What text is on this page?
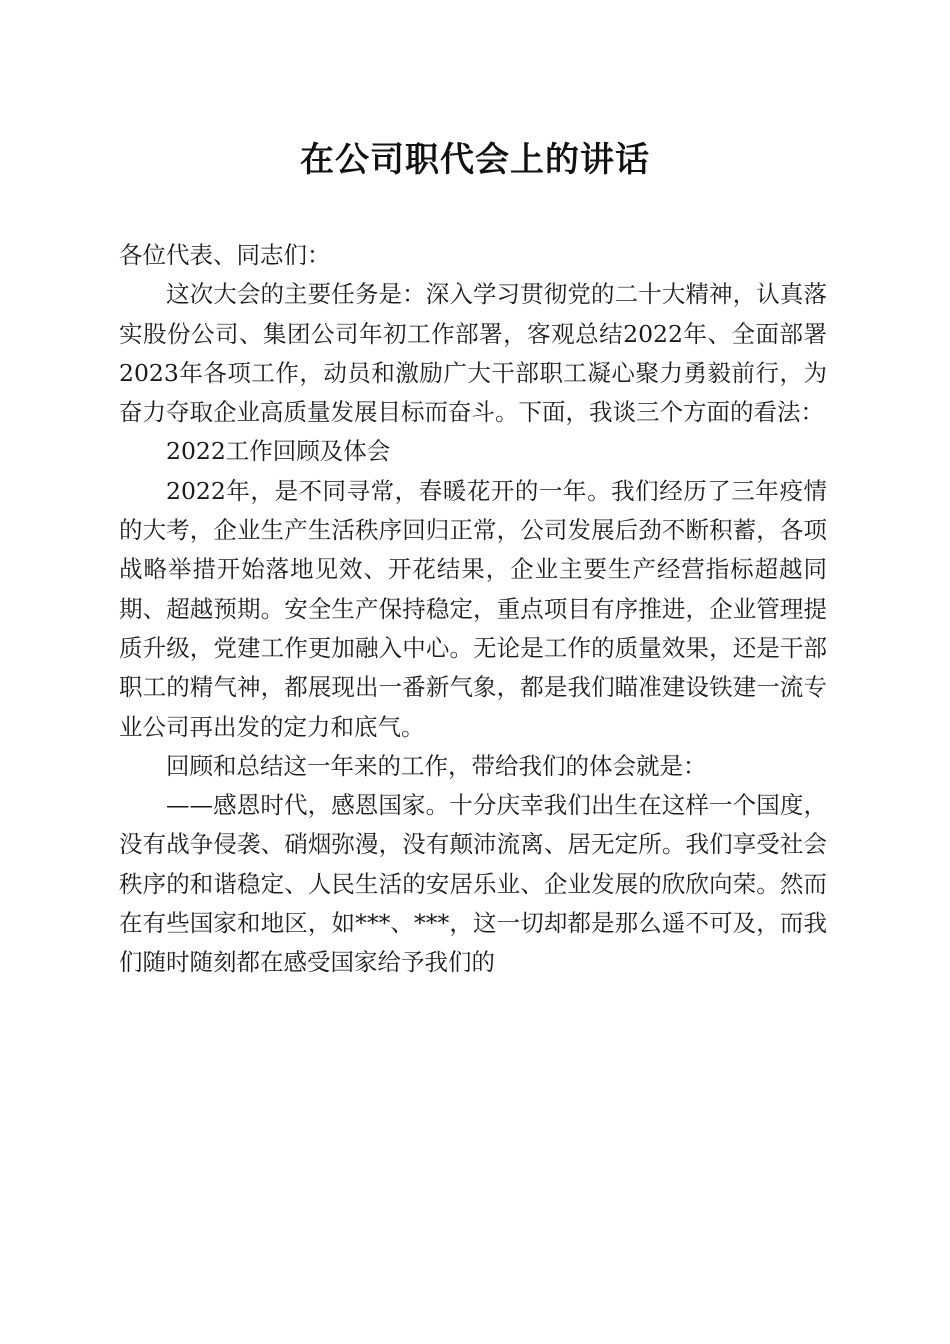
在公司职代会上的讲话

各位代表、同志们：

这次大会的主要任务是：深入学习贯彻党的二十大精神，认真落实股份公司、集团公司年初工作部署，客观总结2022年、全面部署2023年各项工作，动员和激励广大干部职工凝心聚力勇毅前行，为奋力夺取企业高质量发展目标而奋斗。下面，我谈三个方面的看法：

2022工作回顾及体会

2022年，是不同寻常，春暖花开的一年。我们经历了三年疫情的大考，企业生产生活秩序回归正常，公司发展后劲不断积蓄，各项战略举措开始落地见效、开花结果，企业主要生产经营指标超越同期、超越预期。安全生产保持稳定，重点项目有序推进，企业管理提质升级，党建工作更加融入中心。无论是工作的质量效果，还是干部职工的精气神，都展现出一番新气象，都是我们瞄准建设铁建一流专业公司再出发的定力和底气。

回顾和总结这一年来的工作，带给我们的体会就是：

——感恩时代，感恩国家。十分庆幸我们出生在这样一个国度，没有战争侵袭、硝烟弥漫，没有颠沛流离、居无定所。我们享受社会秩序的和谐稳定、人民生活的安居乐业、企业发展的欣欣向荣。然而在有些国家和地区，如***、***，这一切却都是那么遥不可及，而我们随时随刻都在感受国家给予我们的
